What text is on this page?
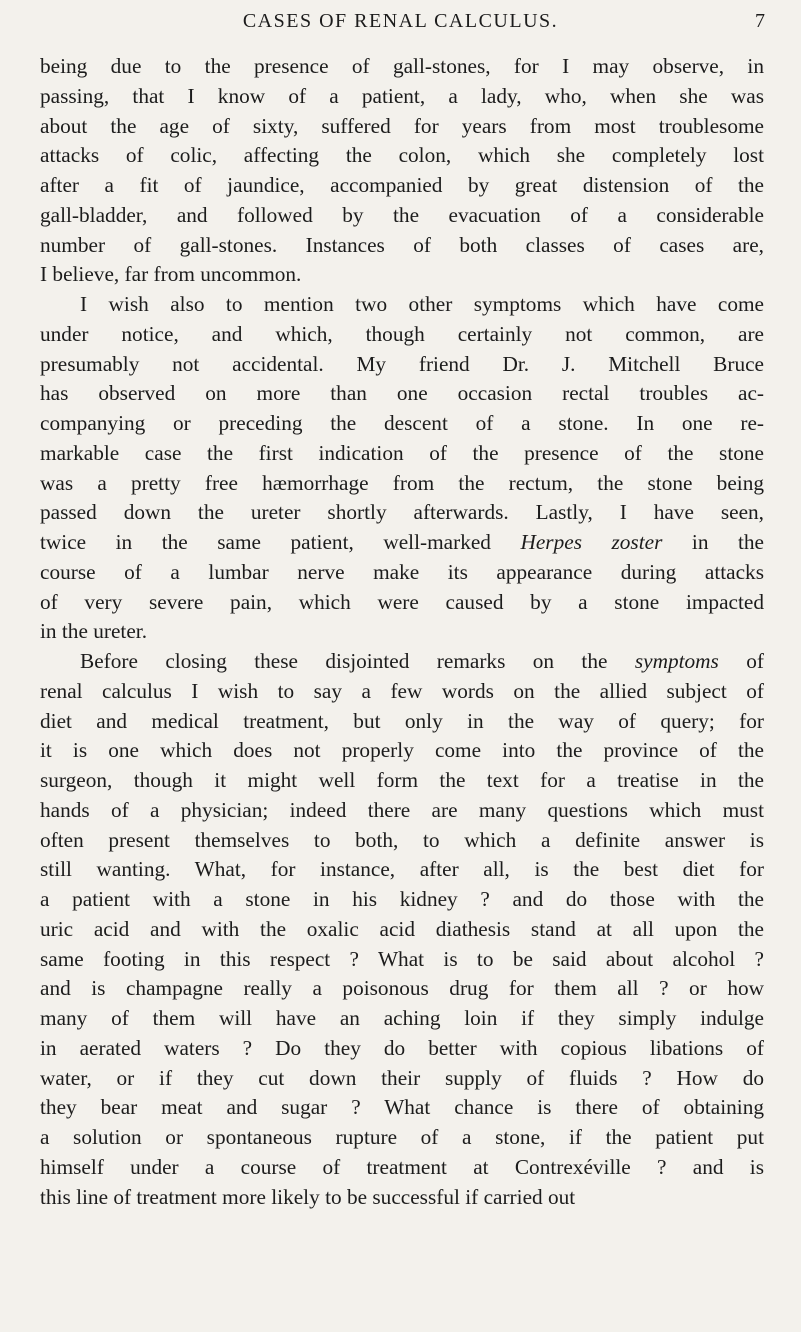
CASES OF RENAL CALCULUS.	7
being due to the presence of gall-stones, for I may observe, in
passing, that I know of a patient, a lady, who, when she was
about the age of sixty, suffered for years from most troublesome
attacks of colic, affecting the colon, which she completely lost
after a fit of jaundice, accompanied by great distension of the
gall-bladder, and followed by the evacuation of a considerable
number of gall-stones. Instances of both classes of cases are,
I believe, far from uncommon.
I wish also to mention two other symptoms which have come
under notice, and which, though certainly not common, are
presumably not accidental. My friend Dr. J. Mitchell Bruce
has observed on more than one occasion rectal troubles ac-
companying or preceding the descent of a stone. In one re-
markable case the first indication of the presence of the stone
was a pretty free hæmorrhage from the rectum, the stone being
passed down the ureter shortly afterwards. Lastly, I have seen,
twice in the same patient, well-marked Herpes zoster in the
course of a lumbar nerve make its appearance during attacks
of very severe pain, which were caused by a stone impacted
in the ureter.
Before closing these disjointed remarks on the symptoms of
renal calculus I wish to say a few words on the allied subject of
diet and medical treatment, but only in the way of query; for
it is one which does not properly come into the province of the
surgeon, though it might well form the text for a treatise in the
hands of a physician; indeed there are many questions which must
often present themselves to both, to which a definite answer is
still wanting. What, for instance, after all, is the best diet for
a patient with a stone in his kidney ? and do those with the
uric acid and with the oxalic acid diathesis stand at all upon the
same footing in this respect ? What is to be said about alcohol ?
and is champagne really a poisonous drug for them all ? or how
many of them will have an aching loin if they simply indulge
in aerated waters ? Do they do better with copious libations of
water, or if they cut down their supply of fluids ? How do
they bear meat and sugar ? What chance is there of obtaining
a solution or spontaneous rupture of a stone, if the patient put
himself under a course of treatment at Contrexéville ? and is
this line of treatment more likely to be successful if carried out
